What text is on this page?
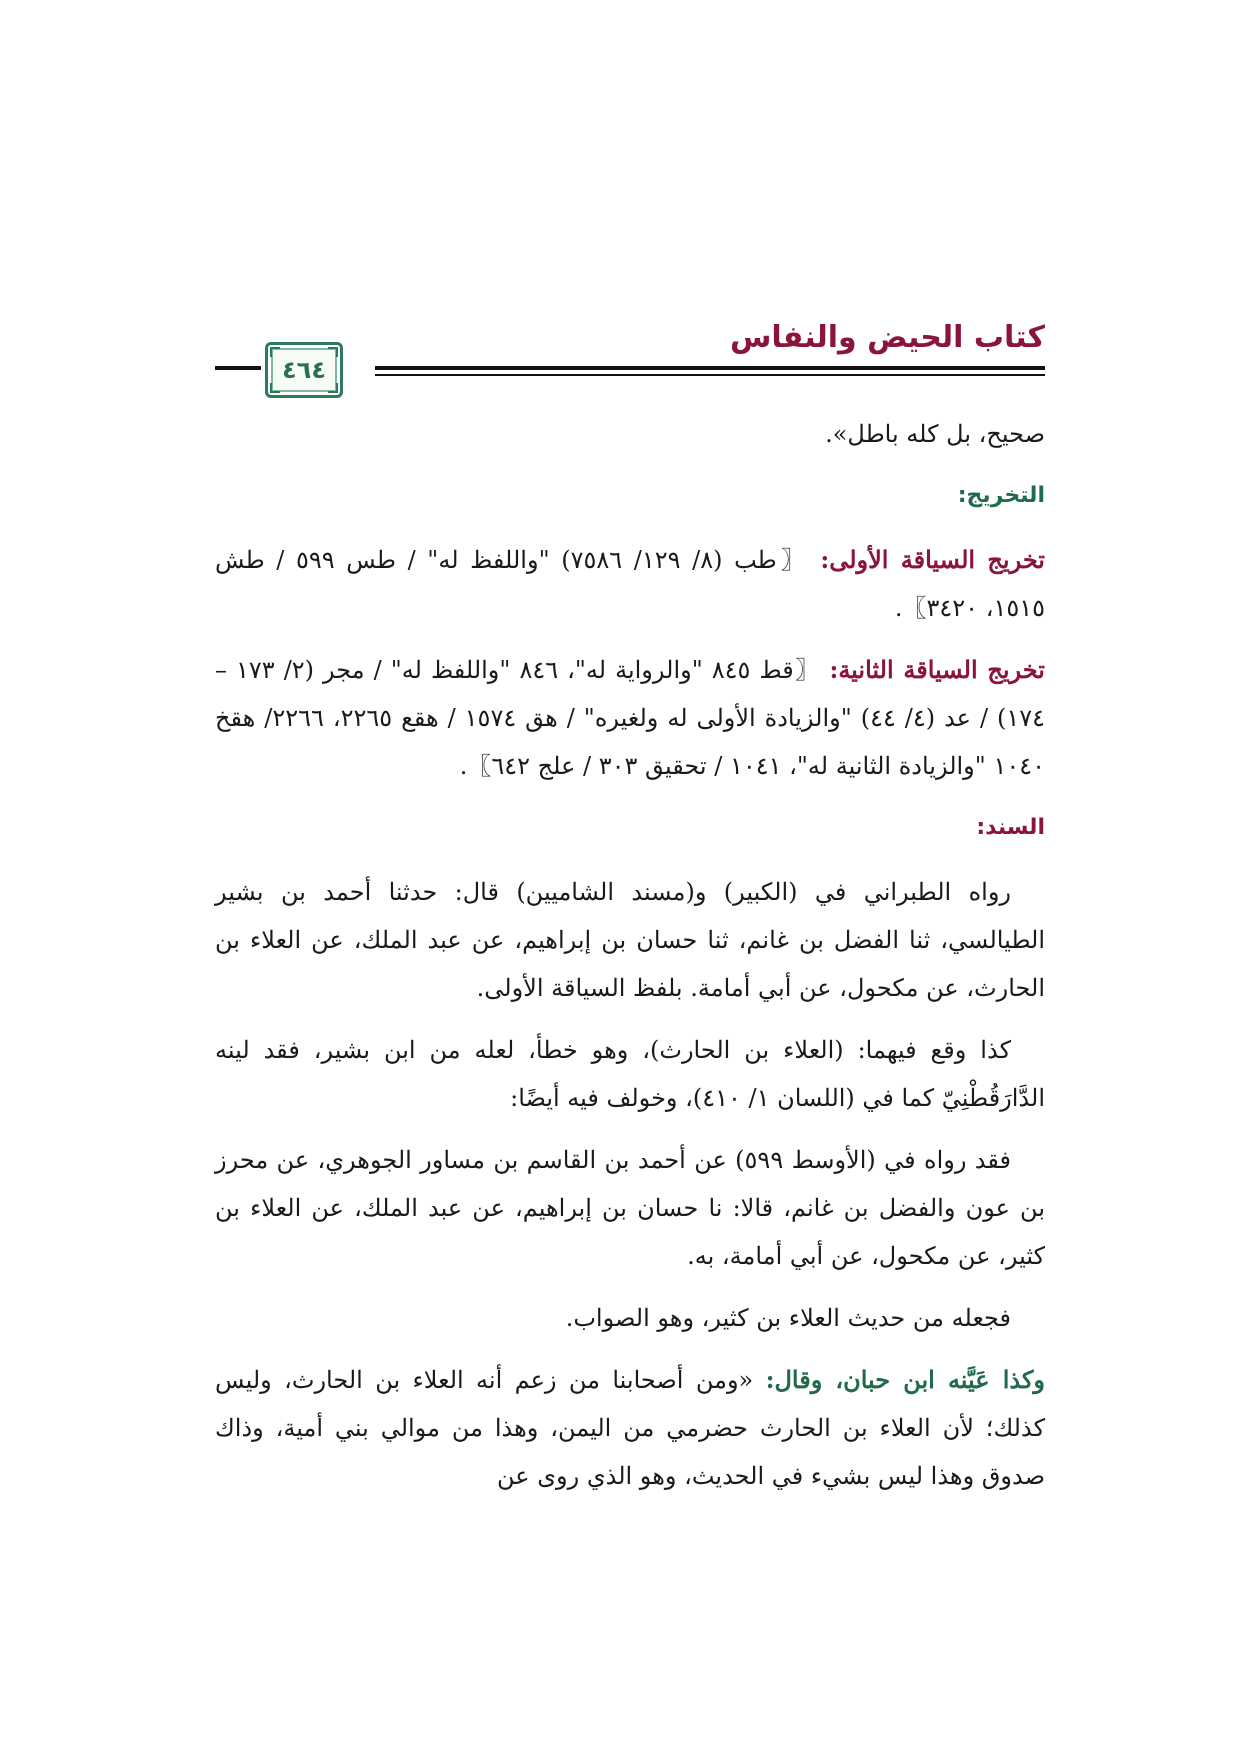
كتاب الحيض والنفاس
٤٦٤

صحيح، بل كله باطل».

التخريج:

تخريج السياقة الأولى: 〖طب (٨/ ١٢٩/ ٧٥٨٦) "واللفظ له" / طس ٥٩٩ / طش ١٥١٥، ٣٤٢٠〗.

تخريج السياقة الثانية: 〖قط ٨٤٥ "والرواية له"، ٨٤٦ "واللفظ له" / مجر (٢/ ١٧٣ – ١٧٤) / عد (٤/ ٤٤) "والزيادة الأولى له ولغيره" / هق ١٥٧٤ / هقع ٢٢٦٥، ٢٢٦٦/ هقخ ١٠٤٠ "والزيادة الثانية له"، ١٠٤١ / تحقيق ٣٠٣ / علج ٦٤٢〗.

السند:

رواه الطبراني في (الكبير) و(مسند الشاميين) قال: حدثنا أحمد بن بشير الطيالسي، ثنا الفضل بن غانم، ثنا حسان بن إبراهيم، عن عبد الملك، عن العلاء بن الحارث، عن مكحول، عن أبي أمامة. بلفظ السياقة الأولى.

كذا وقع فيهما: (العلاء بن الحارث)، وهو خطأ، لعله من ابن بشير، فقد لينه الدَّارَقُطْنِيّ كما في (اللسان ١/ ٤١٠)، وخولف فيه أيضًا:

فقد رواه في (الأوسط ٥٩٩) عن أحمد بن القاسم بن مساور الجوهري، عن محرز بن عون والفضل بن غانم، قالا: نا حسان بن إبراهيم، عن عبد الملك، عن العلاء بن كثير، عن مكحول، عن أبي أمامة، به.

فجعله من حديث العلاء بن كثير، وهو الصواب.

وكذا عَيَّنه ابن حبان، وقال: «ومن أصحابنا من زعم أنه العلاء بن الحارث، وليس كذلك؛ لأن العلاء بن الحارث حضرمي من اليمن، وهذا من موالي بني أمية، وذاك صدوق وهذا ليس بشيء في الحديث، وهو الذي روى عن
